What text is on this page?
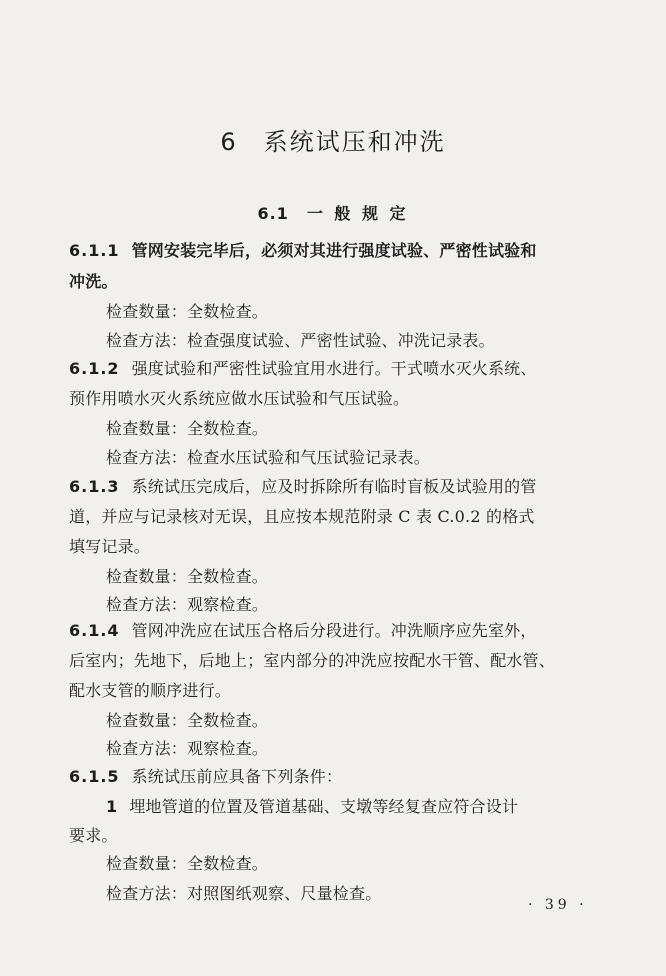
6 系统试压和冲洗
6.1 一 般 规 定
6.1.1 管网安装完毕后，必须对其进行强度试验、严密性试验和
冲洗。
检查数量：全数检查。
检查方法：检查强度试验、严密性试验、冲洗记录表。
6.1.2 强度试验和严密性试验宜用水进行。干式喷水灭火系统、
预作用喷水灭火系统应做水压试验和气压试验。
检查数量：全数检查。
检查方法：检查水压试验和气压试验记录表。
6.1.3 系统试压完成后，应及时拆除所有临时盲板及试验用的管
道，并应与记录核对无误，且应按本规范附录 C 表 C.0.2 的格式
填写记录。
检查数量：全数检查。
检查方法：观察检查。
6.1.4 管网冲洗应在试压合格后分段进行。冲洗顺序应先室外，
后室内；先地下，后地上；室内部分的冲洗应按配水干管、配水管、
配水支管的顺序进行。
检查数量：全数检查。
检查方法：观察检查。
6.1.5 系统试压前应具备下列条件：
1 埋地管道的位置及管道基础、支墩等经复查应符合设计
要求。
检查数量：全数检查。
检查方法：对照图纸观察、尺量检查。
· 39 ·
